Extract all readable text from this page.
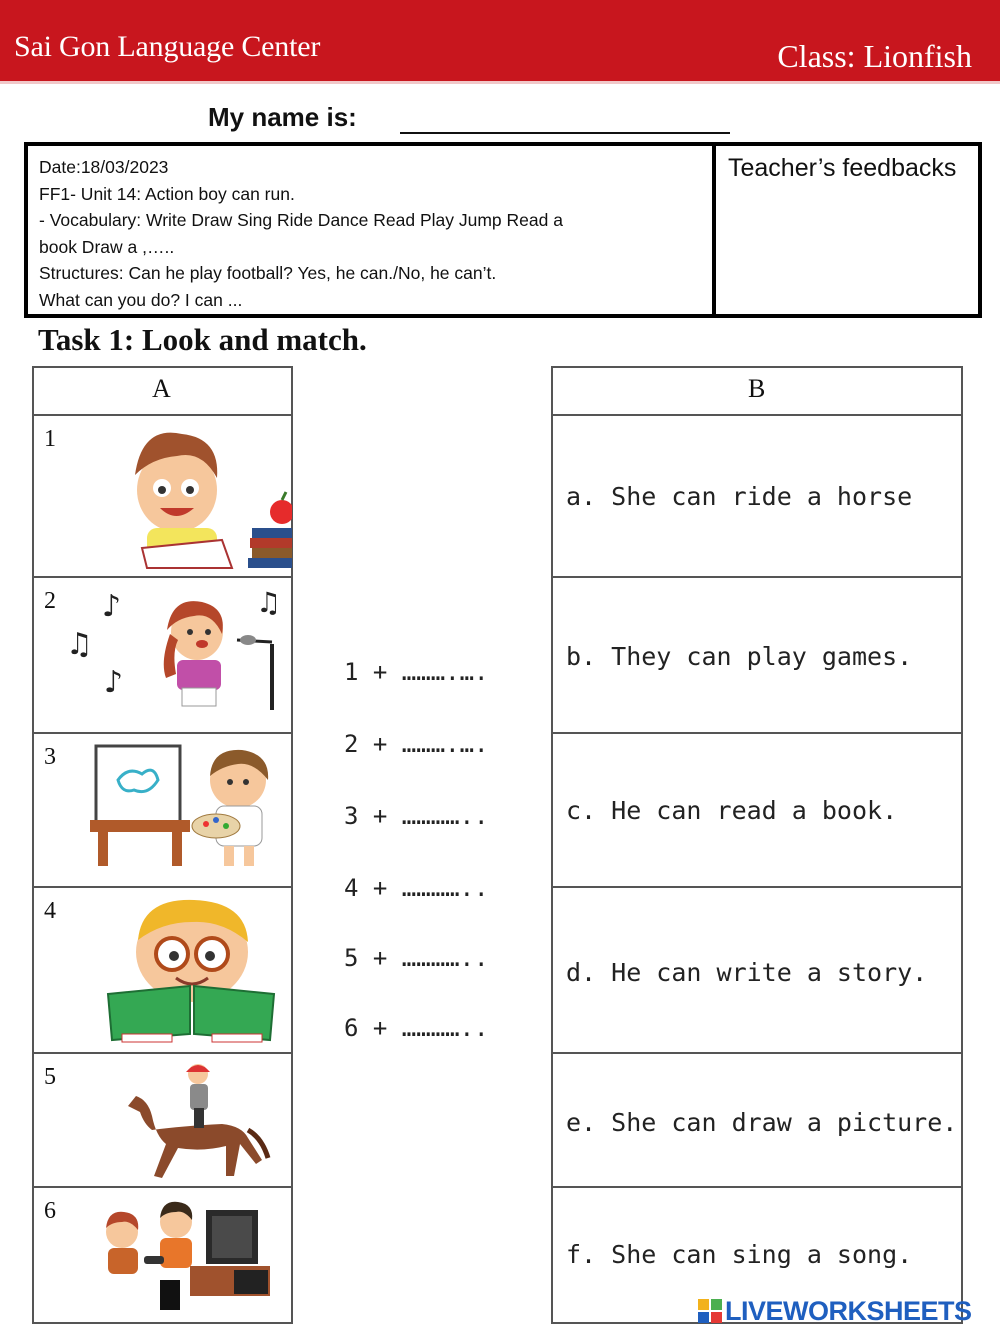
Sai Gon Language Center	Class: Lionfish
My name is:
Date:18/03/2023
FF1- Unit 14: Action boy can run.
- Vocabulary: Write Draw Sing Ride Dance Read Play Jump Read a
book Draw a ,…..
Structures: Can he play football? Yes, he can./No, he can’t.
What can you do? I can ...
Teacher’s feedbacks
Task 1: Look and match.
A	B
1
2
3
4
5
6
♪
♫
♪
♫
1 + ……….….
2 + ……….….
3 + …………..
4 + …………..
5 + …………..
6 + …………..
a. She can ride a horse
b. They can play games.
c. He can read a book.
d. He can write a story.
e. She can draw a picture.
f. She can sing a song.
LIVEWORKSHEETS
